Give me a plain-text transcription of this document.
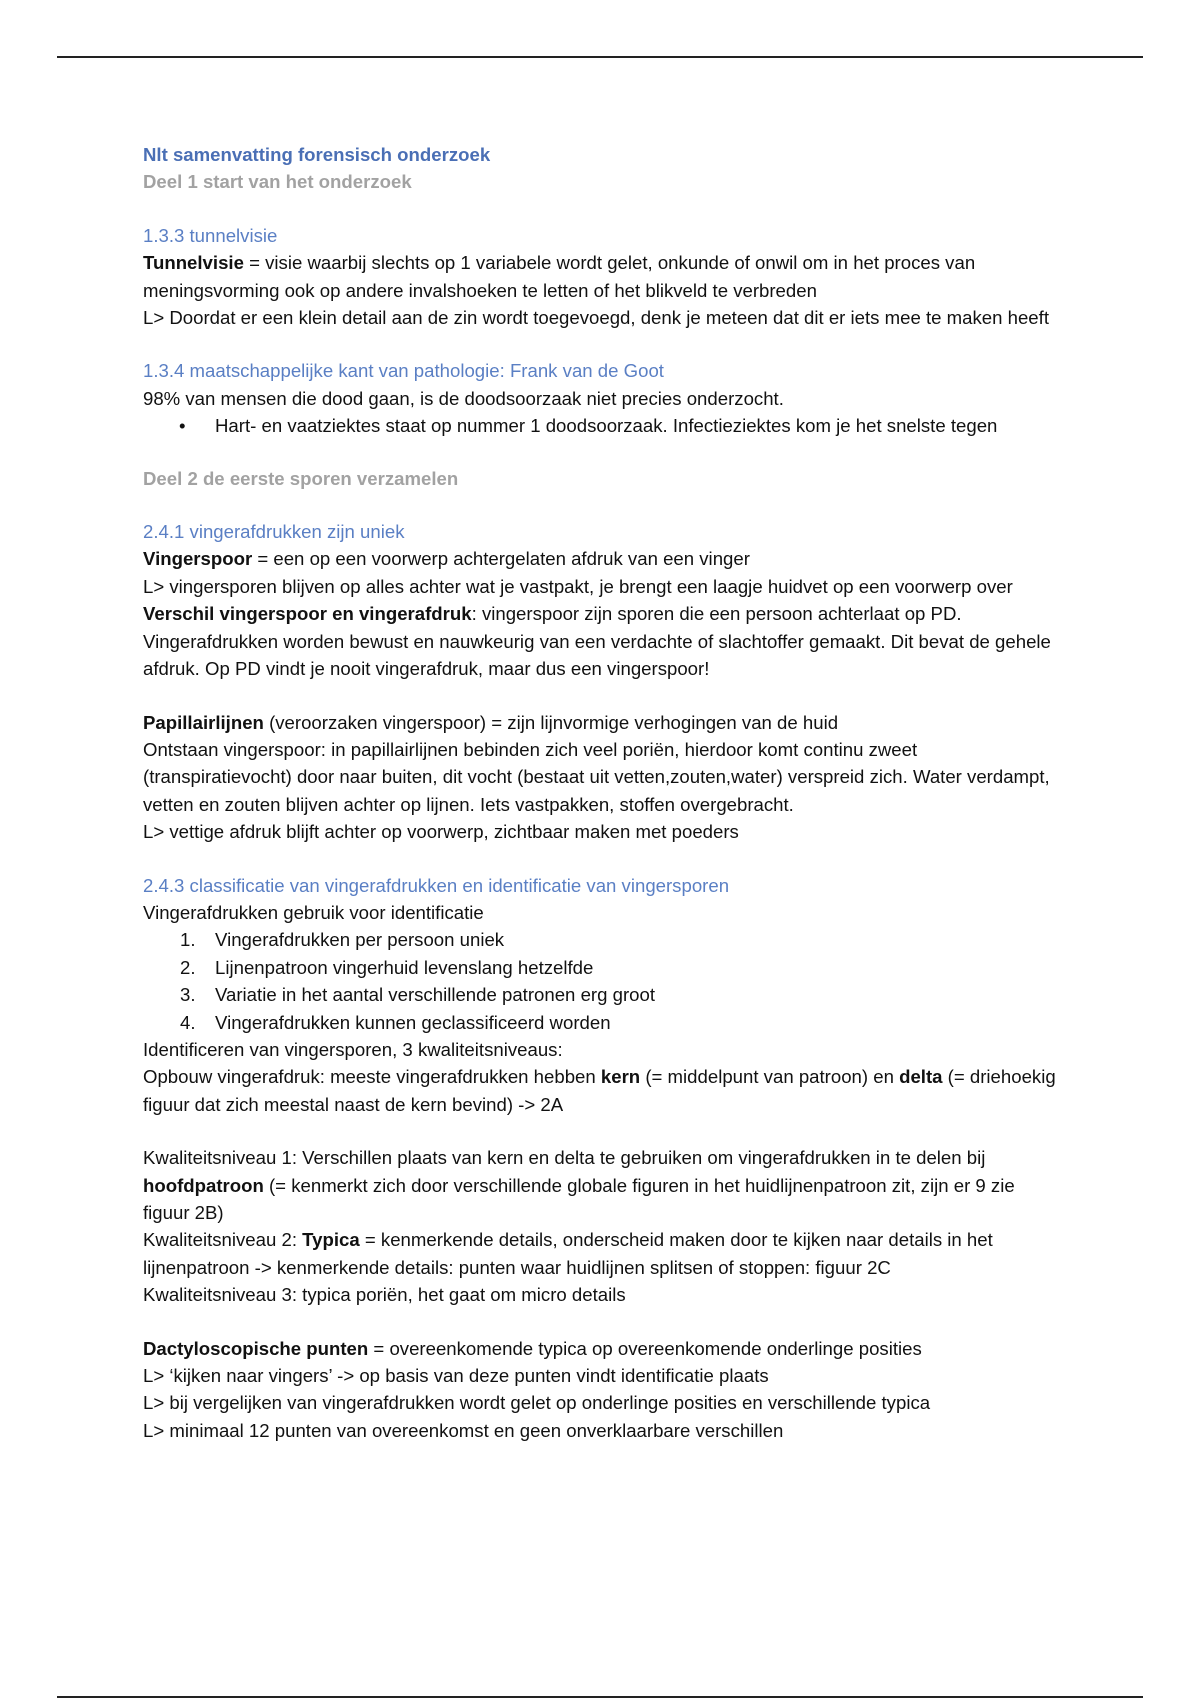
Nlt samenvatting forensisch onderzoek

Deel 1 start van het onderzoek

1.3.3 tunnelvisie

Tunnelvisie = visie waarbij slechts op 1 variabele wordt gelet, onkunde of onwil om in het proces van meningsvorming ook op andere invalshoeken te letten of het blikveld te verbreden

L> Doordat er een klein detail aan de zin wordt toegevoegd, denk je meteen dat dit er iets mee te maken heeft

1.3.4 maatschappelijke kant van pathologie: Frank van de Goot

98% van mensen die dood gaan, is de doodsoorzaak niet precies onderzocht.

• Hart- en vaatziektes staat op nummer 1 doodsoorzaak. Infectieziektes kom je het snelste tegen

Deel 2 de eerste sporen verzamelen

2.4.1 vingerafdrukken zijn uniek

Vingerspoor = een op een voorwerp achtergelaten afdruk van een vinger

L> vingersporen blijven op alles achter wat je vastpakt, je brengt een laagje huidvet op een voorwerp over

Verschil vingerspoor en vingerafdruk: vingerspoor zijn sporen die een persoon achterlaat op PD. Vingerafdrukken worden bewust en nauwkeurig van een verdachte of slachtoffer gemaakt. Dit bevat de gehele afdruk. Op PD vindt je nooit vingerafdruk, maar dus een vingerspoor!

Papillairlijnen (veroorzaken vingerspoor) = zijn lijnvormige verhogingen van de huid

Ontstaan vingerspoor: in papillairlijnen bebinden zich veel poriën, hierdoor komt continu zweet (transpiratievocht) door naar buiten, dit vocht (bestaat uit vetten,zouten,water) verspreid zich. Water verdampt, vetten en zouten blijven achter op lijnen. Iets vastpakken, stoffen overgebracht.

L> vettige afdruk blijft achter op voorwerp, zichtbaar maken met poeders

2.4.3 classificatie van vingerafdrukken en identificatie van vingersporen

Vingerafdrukken gebruik voor identificatie

1.	Vingerafdrukken per persoon uniek
2.	Lijnenpatroon vingerhuid levenslang hetzelfde
3.	Variatie in het aantal verschillende patronen erg groot
4.	Vingerafdrukken kunnen geclassificeerd worden

Identificeren van vingersporen, 3 kwaliteitsniveaus:

Opbouw vingerafdruk: meeste vingerafdrukken hebben kern (= middelpunt van patroon) en delta (= driehoekig figuur dat zich meestal naast de kern bevind) -> 2A

Kwaliteitsniveau 1: Verschillen plaats van kern en delta te gebruiken om vingerafdrukken in te delen bij hoofdpatroon (= kenmerkt zich door verschillende globale figuren in het huidlijnenpatroon zit, zijn er 9 zie figuur 2B)

Kwaliteitsniveau 2: Typica = kenmerkende details, onderscheid maken door te kijken naar details in het lijnenpatroon -> kenmerkende details: punten waar huidlijnen splitsen of stoppen: figuur 2C

Kwaliteitsniveau 3: typica poriën, het gaat om micro details

Dactyloscopische punten = overeenkomende typica op overeenkomende onderlinge posities

L> ‘kijken naar vingers’ -> op basis van deze punten vindt identificatie plaats

L> bij vergelijken van vingerafdrukken wordt gelet op onderlinge posities en verschillende typica

L> minimaal 12 punten van overeenkomst en geen onverklaarbare verschillen
